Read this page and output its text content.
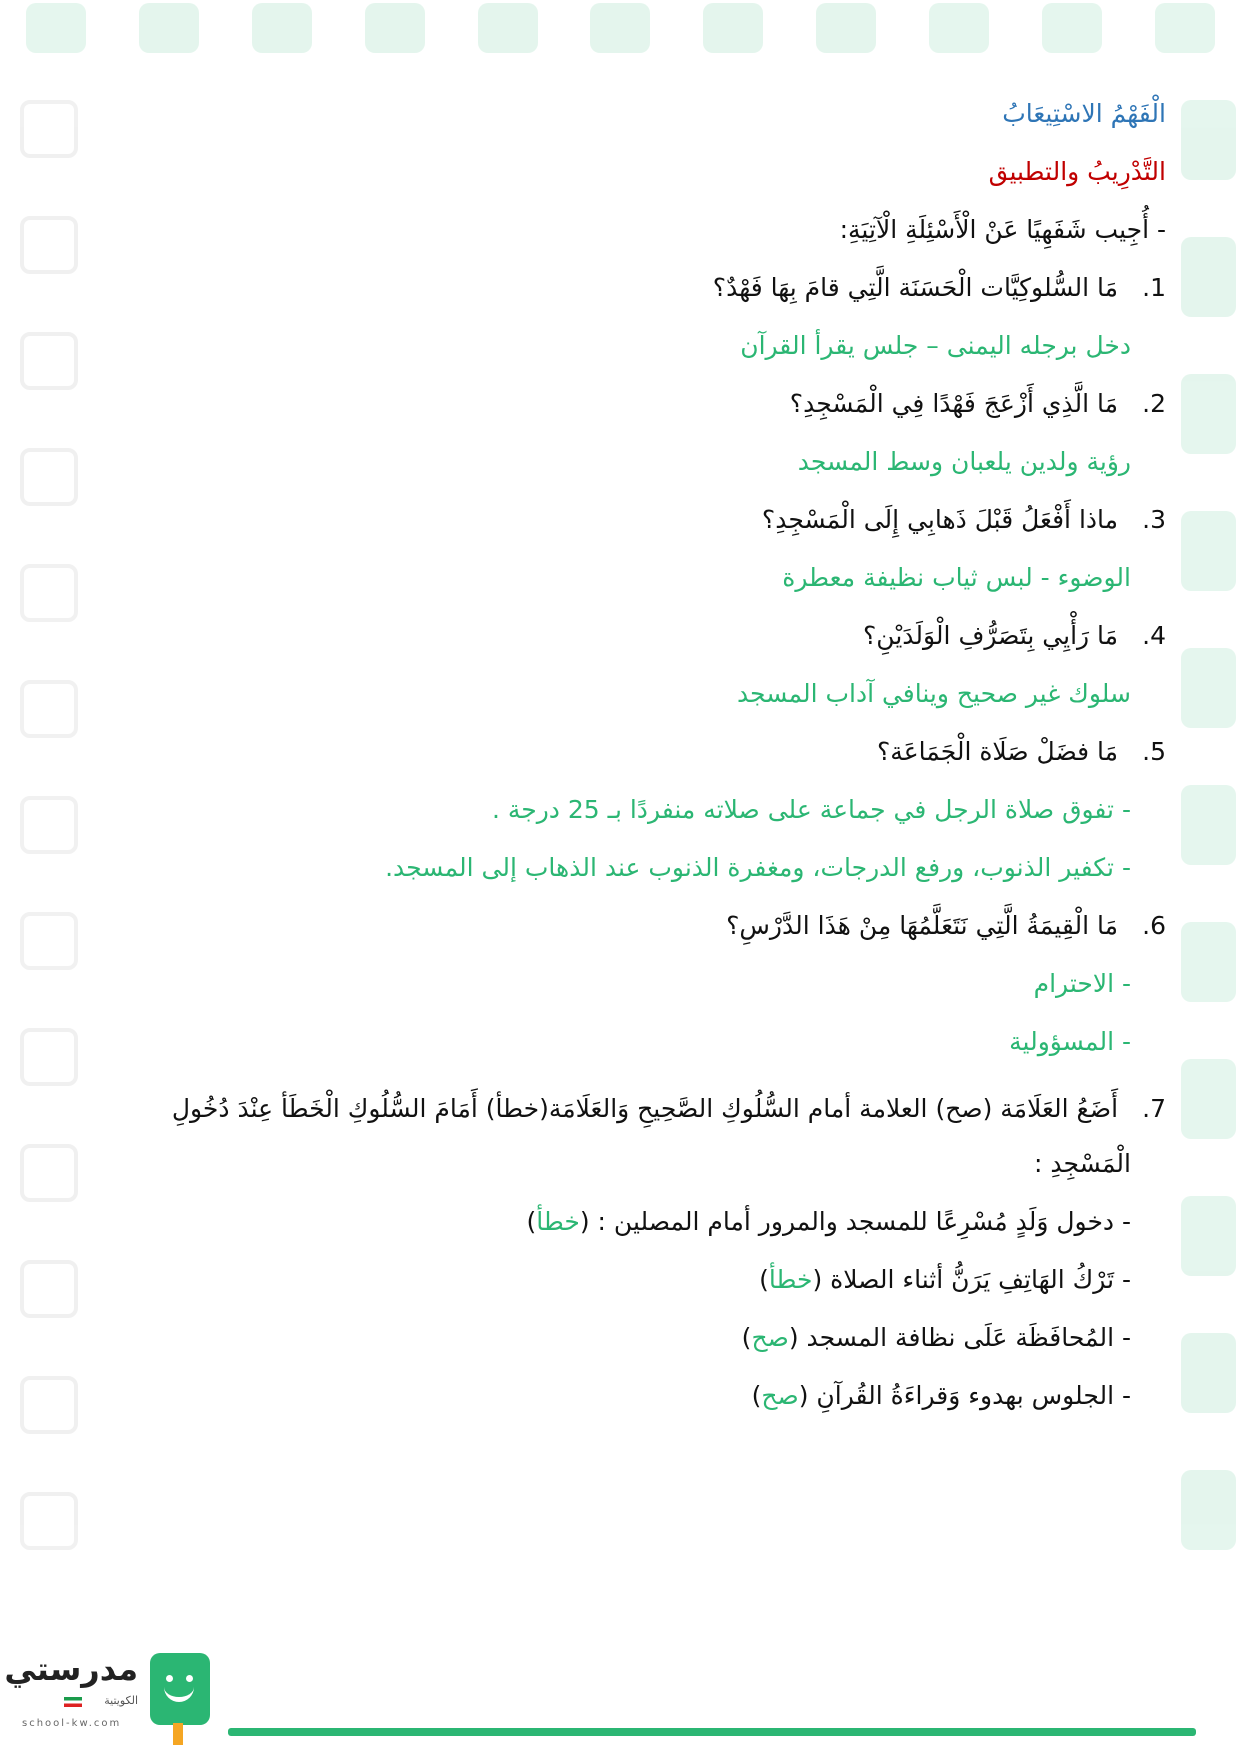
الْفَهْمُ الاسْتِيعَابُ
التَّدْرِيبُ والتطبيق
- أُجِيب شَفَهِيًا عَنْ الْأَسْئِلَةِ الْآتِيَةِ:
1. مَا السُّلوكِيَّات الْحَسَنَة الَّتِي قامَ بِهَا فَهْدٌ؟
دخل برجله اليمنى – جلس يقرأ القرآن
2. مَا الَّذِي أَزْعَجَ فَهْدًا فِي الْمَسْجِدِ؟
رؤية ولدين يلعبان وسط المسجد
3. ماذا أَفْعَلُ قَبْلَ ذَهابِي إِلَى الْمَسْجِدِ؟
الوضوء - لبس ثياب نظيفة معطرة
4. مَا رَأْيِي بِتَصَرُّفِ الْوَلَدَيْنِ؟
سلوك غير صحيح وينافي آداب المسجد
5. مَا فضَلْ صَلَاة الْجَمَاعَة؟
- تفوق صلاة الرجل في جماعة على صلاته منفردًا بـ 25 درجة .
- تكفير الذنوب، ورفع الدرجات، ومغفرة الذنوب عند الذهاب إلى المسجد.
6. مَا الْقِيمَةُ الَّتِي نَتَعَلَّمُهَا مِنْ هَذَا الدَّرْسِ؟
- الاحترام
- المسؤولية
7. أَضَعُ العَلَامَة (صح) العلامة أمام السُّلُوكِ الصَّحِيحِ وَالعَلَامَة(خطأ) أَمَامَ السُّلُوكِ الْخَطَأ عِنْدَ دُخُولِ
الْمَسْجِدِ :
- دخول وَلَدٍ مُسْرِعًا للمسجد والمرور أمام المصلين : (خطأ)
- تَرْكُ الهَاتِفِ يَرَنُّ أثناء الصلاة (خطأ)
- المُحافَظَة عَلَى نظافة المسجد (صح)
- الجلوس بهدوء وَقراءَةُ القُرآنِ (صح)
مدرستي
الكويتية
school-kw.com
